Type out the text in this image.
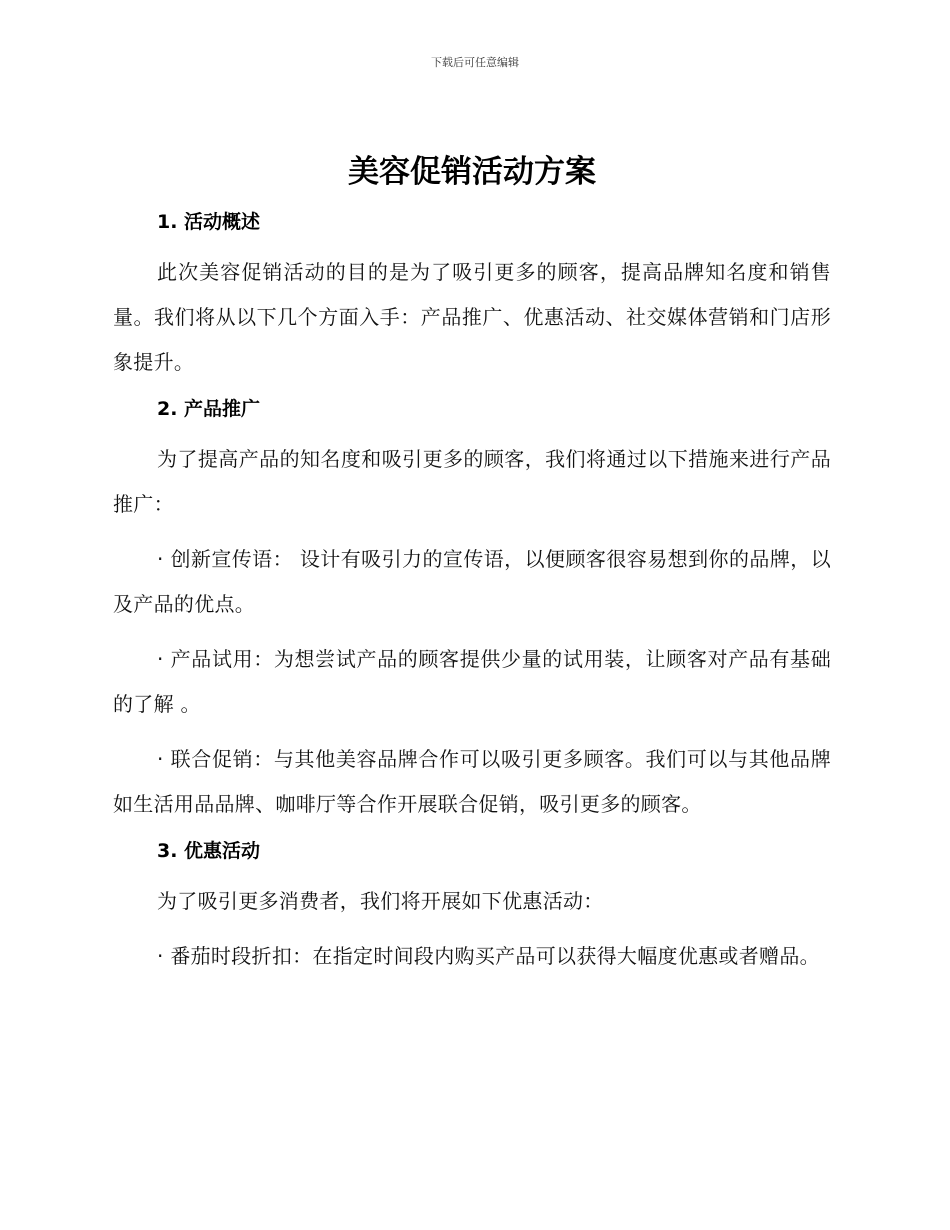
下载后可任意编辑
美容促销活动方案
1. 活动概述

此次美容促销活动的目的是为了吸引更多的顾客，提高品牌知名度和销售量。我们将从以下几个方面入手：产品推广、优惠活动、社交媒体营销和门店形象提升。

2. 产品推广

为了提高产品的知名度和吸引更多的顾客，我们将通过以下措施来进行产品推广：

· 创新宣传语： 设计有吸引力的宣传语，以便顾客很容易想到你的品牌，以及产品的优点。

· 产品试用：为想尝试产品的顾客提供少量的试用装，让顾客对产品有基础的了解 。

· 联合促销：与其他美容品牌合作可以吸引更多顾客。我们可以与其他品牌如生活用品品牌、咖啡厅等合作开展联合促销，吸引更多的顾客。

3. 优惠活动

为了吸引更多消费者，我们将开展如下优惠活动：

· 番茄时段折扣：在指定时间段内购买产品可以获得大幅度优惠或者赠品。
